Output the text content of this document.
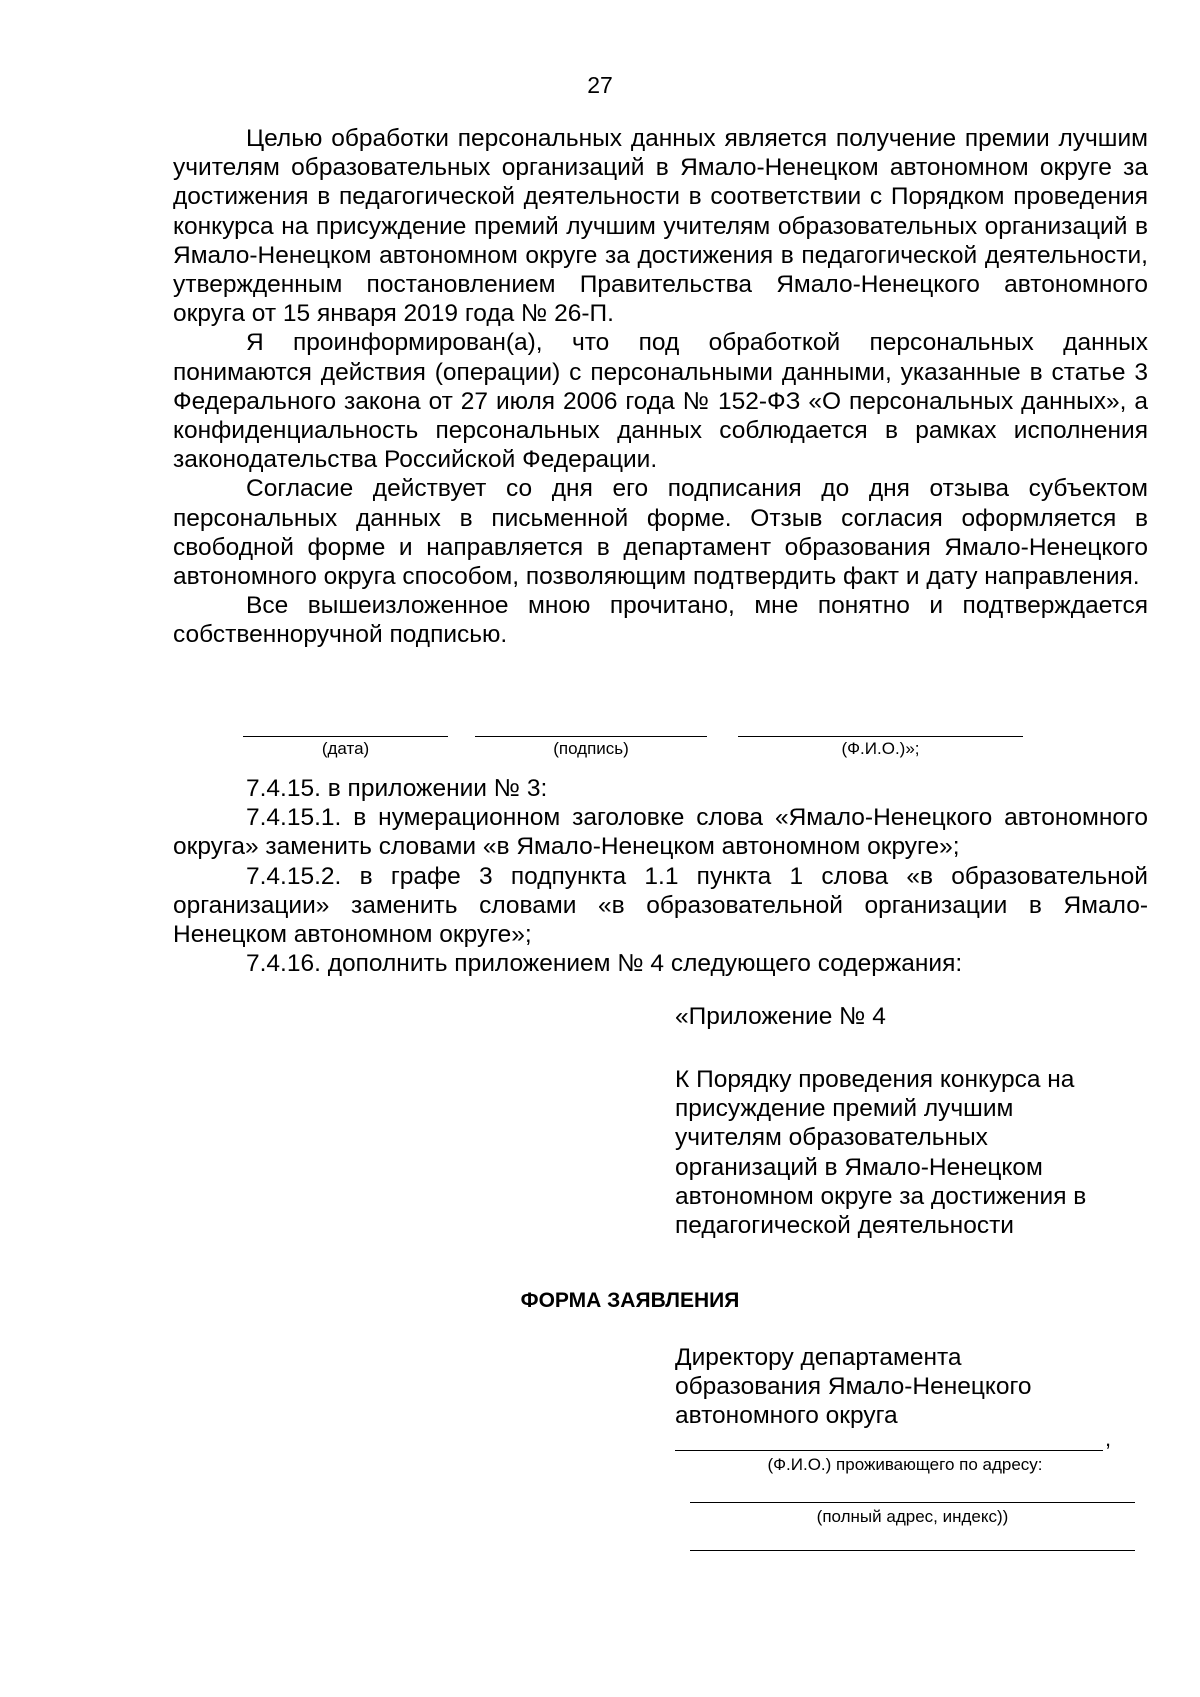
27

Целью обработки персональных данных является получение премии лучшим учителям образовательных организаций в Ямало-Ненецком автономном округе за достижения в педагогической деятельности в соответствии с Порядком проведения конкурса на присуждение премий лучшим учителям образовательных организаций в Ямало-Ненецком автономном округе за достижения в педагогической деятельности, утвержденным постановлением Правительства Ямало-Ненецкого автономного округа от 15 января 2019 года № 26-П.

Я проинформирован(а), что под обработкой персональных данных понимаются действия (операции) с персональными данными, указанные в статье 3 Федерального закона от 27 июля 2006 года № 152-ФЗ «О персональных данных», а конфиденциальность персональных данных соблюдается в рамках исполнения законодательства Российской Федерации.

Согласие действует со дня его подписания до дня отзыва субъектом персональных данных в письменной форме. Отзыв согласия оформляется в свободной форме и направляется в департамент образования Ямало-Ненецкого автономного округа способом, позволяющим подтвердить факт и дату направления.

Все вышеизложенное мною прочитано, мне понятно и подтверждается собственноручной подписью.

(дата)	(подпись)	(Ф.И.О.)»;

7.4.15. в приложении № 3:

7.4.15.1. в нумерационном заголовке слова «Ямало-Ненецкого автономного округа» заменить словами «в Ямало-Ненецком автономном округе»;

7.4.15.2. в графе 3 подпункта 1.1 пункта 1 слова «в образовательной организации» заменить словами «в образовательной организации в Ямало-Ненецком автономном округе»;

7.4.16. дополнить приложением № 4 следующего содержания:

«Приложение № 4
К Порядку проведения конкурса на
присуждение премий лучшим
учителям образовательных
организаций в Ямало-Ненецком
автономном округе за достижения в
педагогической деятельности
ФОРМА ЗАЯВЛЕНИЯ
Директору департамента
образования Ямало-Ненецкого
автономного округа
,
(Ф.И.О.) проживающего по адресу:
(полный адрес, индекс))
